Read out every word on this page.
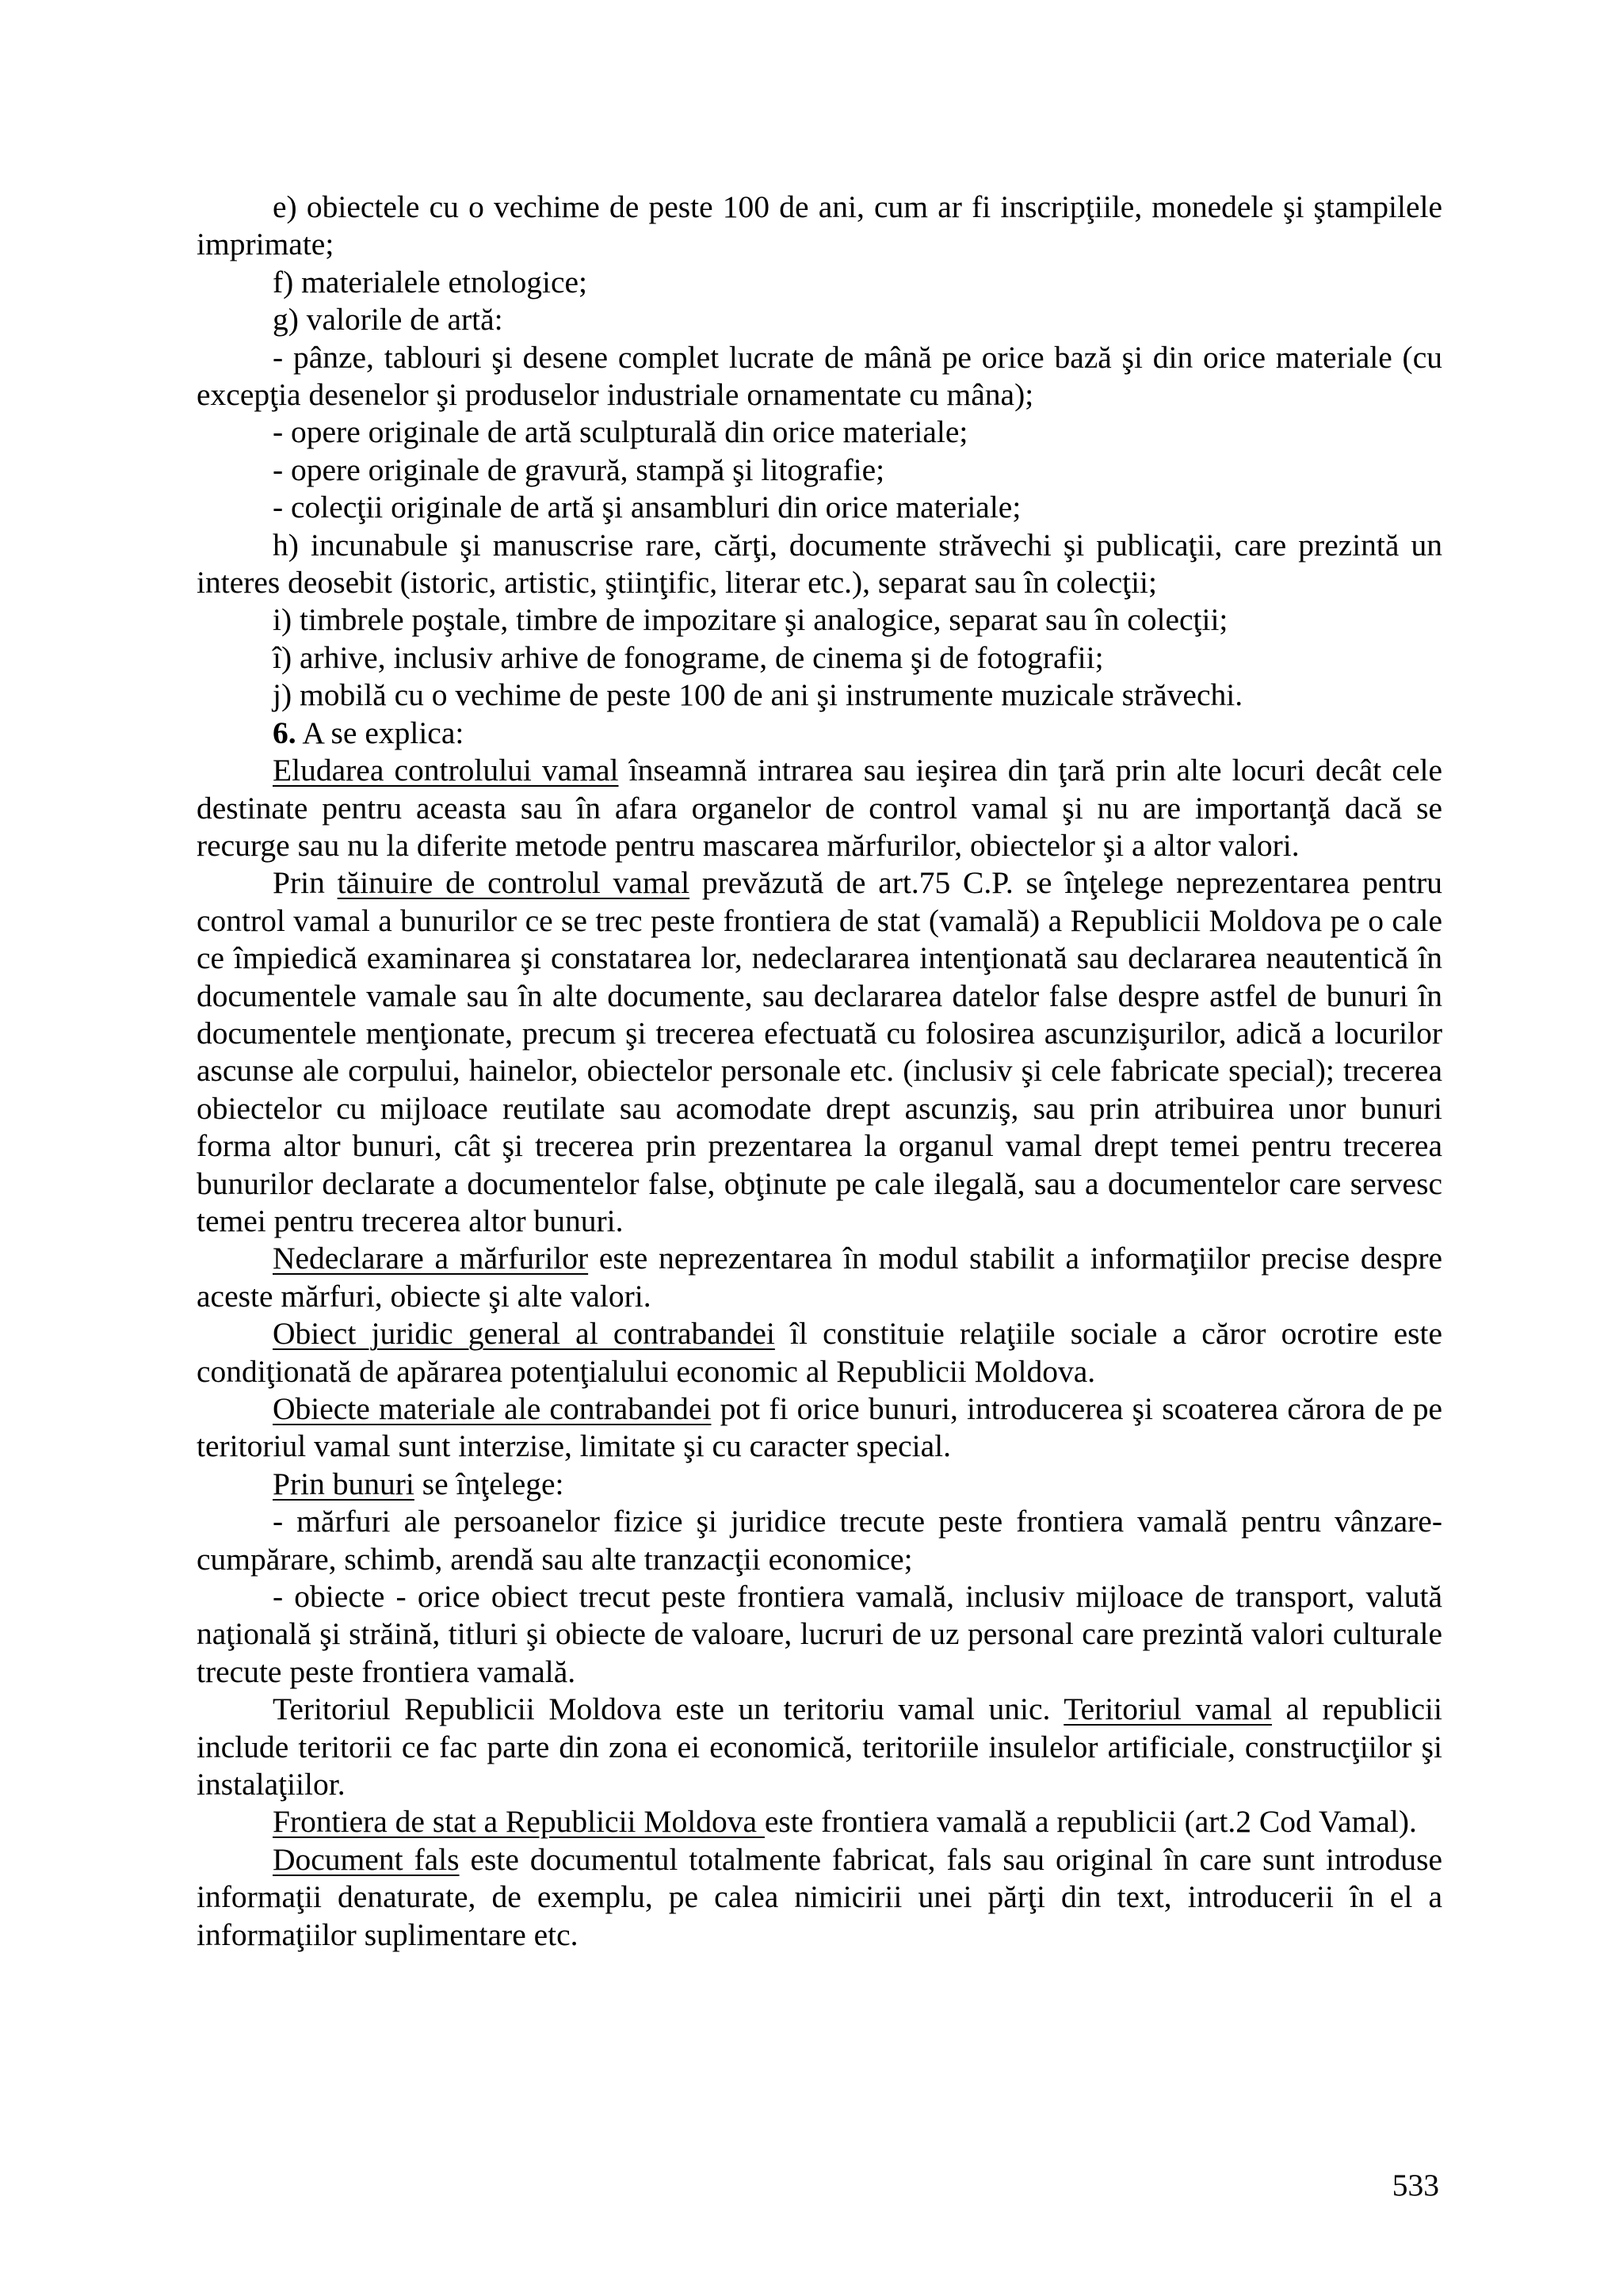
e) obiectele cu o vechime de peste 100 de ani, cum ar fi inscripţiile, monedele şi ştampilele imprimate;

f) materialele etnologice;

g) valorile de artă:

- pânze, tablouri şi desene complet lucrate de mână pe orice bază şi din orice materiale (cu excepţia desenelor şi produselor industriale ornamentate cu mâna);

- opere originale de artă sculpturală din orice materiale;

- opere originale de gravură, stampă şi litografie;

- colecţii originale de artă şi ansambluri din orice materiale;

h) incunabule şi manuscrise rare, cărţi, documente străvechi şi publicaţii, care prezintă un interes deosebit (istoric, artistic, ştiinţific, literar etc.), separat sau în colecţii;

i) timbrele poştale, timbre de impozitare şi analogice, separat sau în colecţii;

î) arhive, inclusiv arhive de fonograme, de cinema şi de fotografii;

j) mobilă cu o vechime de peste 100 de ani şi instrumente muzicale străvechi.

6. A se explica:

Eludarea controlului vamal înseamnă intrarea sau ieşirea din ţară prin alte locuri decât cele destinate pentru aceasta sau în afara organelor de control vamal şi nu are importanţă dacă se recurge sau nu la diferite metode pentru mascarea mărfurilor, obiectelor şi a altor valori.

Prin tăinuire de controlul vamal prevăzută de art.75 C.P. se înţelege neprezentarea pentru control vamal a bunurilor ce se trec peste frontiera de stat (vamală) a Republicii Moldova pe o cale ce împiedică examinarea şi constatarea lor, nedeclararea intenţionată sau declararea neautentică în documentele vamale sau în alte documente, sau declararea datelor false despre astfel de bunuri în documentele menţionate, precum şi trecerea efectuată cu folosirea ascunzişurilor, adică a locurilor ascunse ale corpului, hainelor, obiectelor personale etc. (inclusiv şi cele fabricate special); trecerea obiectelor cu mijloace reutilate sau acomodate drept ascunziş, sau prin atribuirea unor bunuri forma altor bunuri, cât şi trecerea prin prezentarea la organul vamal drept temei pentru trecerea bunurilor declarate a documentelor false, obţinute pe cale ilegală, sau a documentelor care servesc temei pentru trecerea altor bunuri.

Nedeclarare a mărfurilor este neprezentarea în modul stabilit a informaţiilor precise despre aceste mărfuri, obiecte şi alte valori.

Obiect juridic general al contrabandei îl constituie relaţiile sociale a căror ocrotire este condiţionată de apărarea potenţialului economic al Republicii Moldova.

Obiecte materiale ale contrabandei pot fi orice bunuri, introducerea şi scoaterea cărora de pe teritoriul vamal sunt interzise, limitate şi cu caracter special.

Prin bunuri se înţelege:

- mărfuri ale persoanelor fizice şi juridice trecute peste frontiera vamală pentru vânzare-cumpărare, schimb, arendă sau alte tranzacţii economice;

- obiecte - orice obiect trecut peste frontiera vamală, inclusiv mijloace de transport, valută naţională şi străină, titluri şi obiecte de valoare, lucruri de uz personal care prezintă valori culturale trecute peste frontiera vamală.

Teritoriul Republicii Moldova este un teritoriu vamal unic. Teritoriul vamal al republicii include teritorii ce fac parte din zona ei economică, teritoriile insulelor artificiale, construcţiilor şi instalaţiilor.

Frontiera de stat a Republicii Moldova este frontiera vamală a republicii (art.2 Cod Vamal).

Document fals este documentul totalmente fabricat, fals sau original în care sunt introduse informaţii denaturate, de exemplu, pe calea nimicirii unei părţi din text, introducerii în el a informaţiilor suplimentare etc.

533
